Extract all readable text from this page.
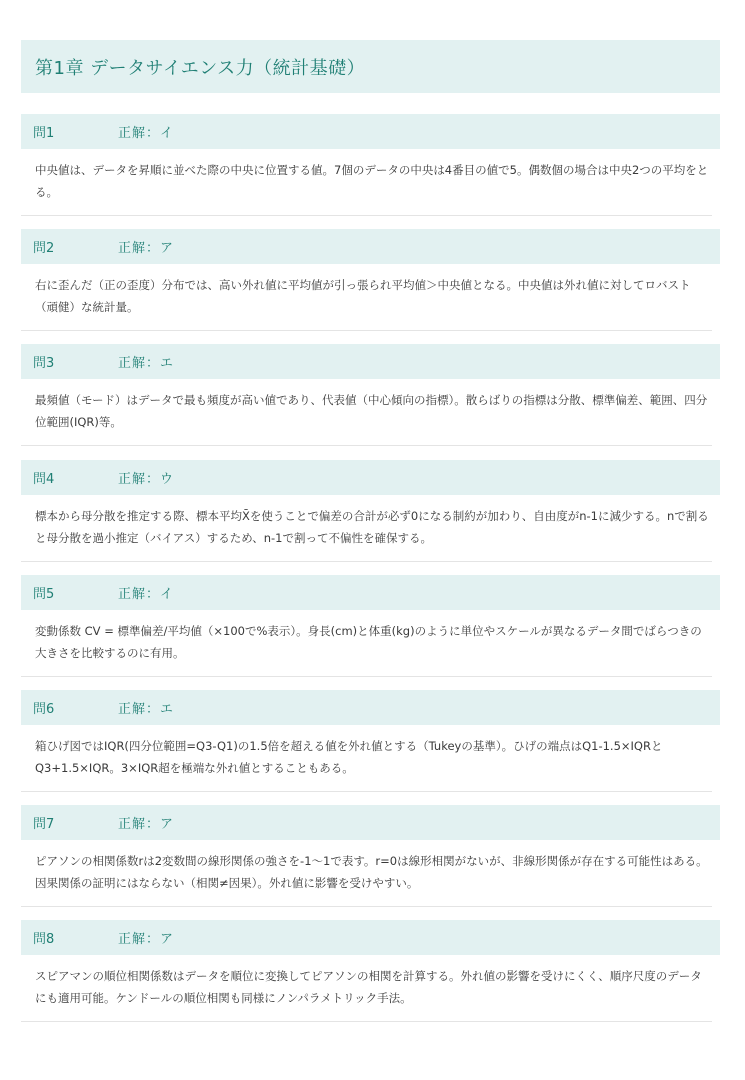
第1章 データサイエンス力（統計基礎）
問1	正解：イ
中央値は、データを昇順に並べた際の中央に位置する値。7個のデータの中央は4番目の値で5。偶数個の場合は中央2つの平均をとる。
問2	正解：ア
右に歪んだ（正の歪度）分布では、高い外れ値に平均値が引っ張られ平均値＞中央値となる。中央値は外れ値に対してロバスト（頑健）な統計量。
問3	正解：エ
最頻値（モード）はデータで最も頻度が高い値であり、代表値（中心傾向の指標）。散らばりの指標は分散、標準偏差、範囲、四分位範囲(IQR)等。
問4	正解：ウ
標本から母分散を推定する際、標本平均X̄を使うことで偏差の合計が必ず0になる制約が加わり、自由度がn-1に減少する。nで割ると母分散を過小推定（バイアス）するため、n-1で割って不偏性を確保する。
問5	正解：イ
変動係数 CV = 標準偏差/平均値（×100で%表示）。身長(cm)と体重(kg)のように単位やスケールが異なるデータ間でばらつきの大きさを比較するのに有用。
問6	正解：エ
箱ひげ図ではIQR(四分位範囲=Q3-Q1)の1.5倍を超える値を外れ値とする（Tukeyの基準）。ひげの端点はQ1-1.5×IQRとQ3+1.5×IQR。3×IQR超を極端な外れ値とすることもある。
問7	正解：ア
ピアソンの相関係数rは2変数間の線形関係の強さを-1〜1で表す。r=0は線形相関がないが、非線形関係が存在する可能性はある。因果関係の証明にはならない（相関≠因果）。外れ値に影響を受けやすい。
問8	正解：ア
スピアマンの順位相関係数はデータを順位に変換してピアソンの相関を計算する。外れ値の影響を受けにくく、順序尺度のデータにも適用可能。ケンドールの順位相関も同様にノンパラメトリック手法。
